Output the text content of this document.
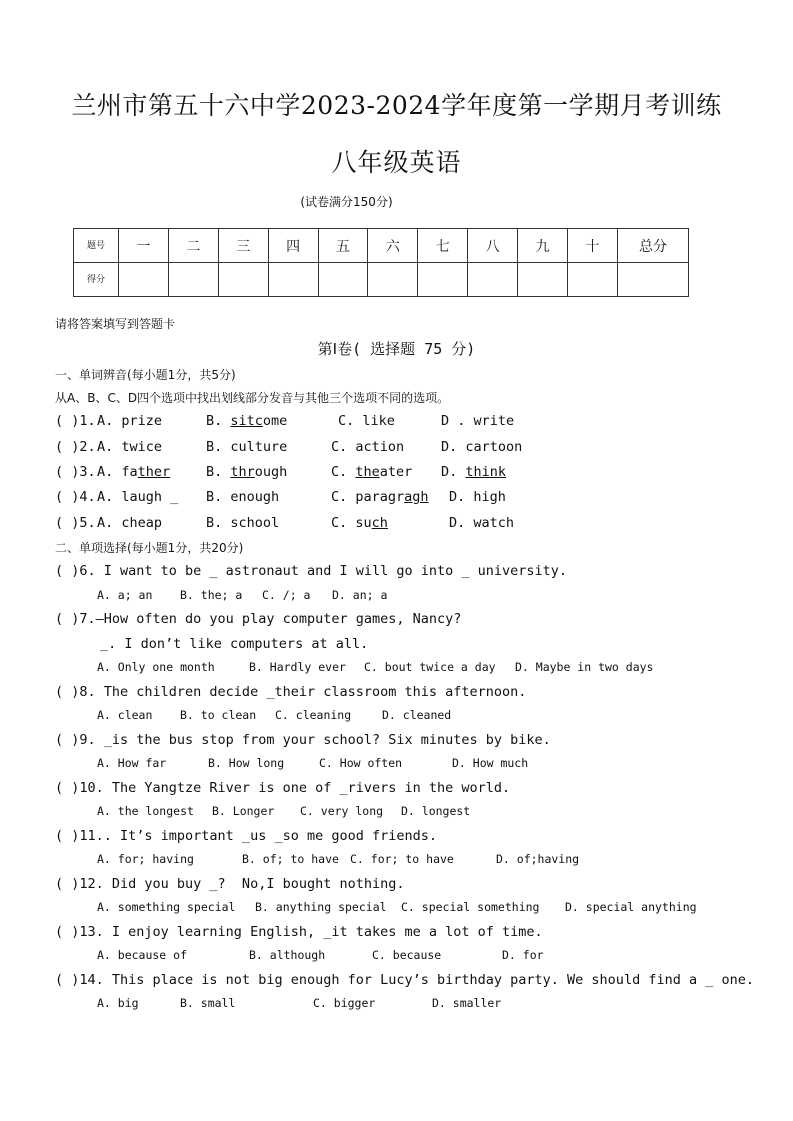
兰州市第五十六中学2023-2024学年度第一学期月考训练
八年级英语
(试卷满分150分)
题号	一	二	三	四	五	六	七	八	九	十	总分
得分											
请将答案填写到答题卡
第Ⅰ卷( 选择题 75 分)
一、单词辨音(每小题1分，共5分)
从A、B、C、D四个选项中找出划线部分发音与其他三个选项不同的选项。
( )1. A. prize	B. sitcome	C. like	D . write
( )2. A. twice	B. culture	C. action	D. cartoon
( )3. A. father	B. through	C. theater D. think
( )4. A. laugh _ B. enough	C. paragragh D. high
( )5. A. cheap	B. school	C. such	D. watch
二、单项选择(每小题1分，共20分)
( )6. I want to be _ astronaut and I will go into _ university.
A. a; an B. the; a C. /; a D. an; a
( )7.—How often do you play computer games, Nancy?
_. I don’t like computers at all.
A. Only one month	B. Hardly ever C. bout twice a day D. Maybe in two days
( )8. The children decide _their classroom this afternoon.
A. clean B. to clean C. cleaning	D. cleaned
( )9. _is the bus stop from your school? Six minutes by bike.
A. How far	B. How long	C. How often	D. How much
( )10. The Yangtze River is one of _rivers in the world.
A. the longest B. Longer C. very long D. longest
( )11.. It’s important _us _so me good friends.
A. for; having	B. of; to have C. for; to have	D. of;having
( )12. Did you buy _?  No,I bought nothing.
A. something special B. anything special C. special something D. special anything
( )13. I enjoy learning English, _it takes me a lot of time.
A. because of	B. although	C. because	D. for
( )14. This place is not big enough for Lucy’s birthday party. We should find a _ one.
A. big	B. small	C. bigger	D. smaller
